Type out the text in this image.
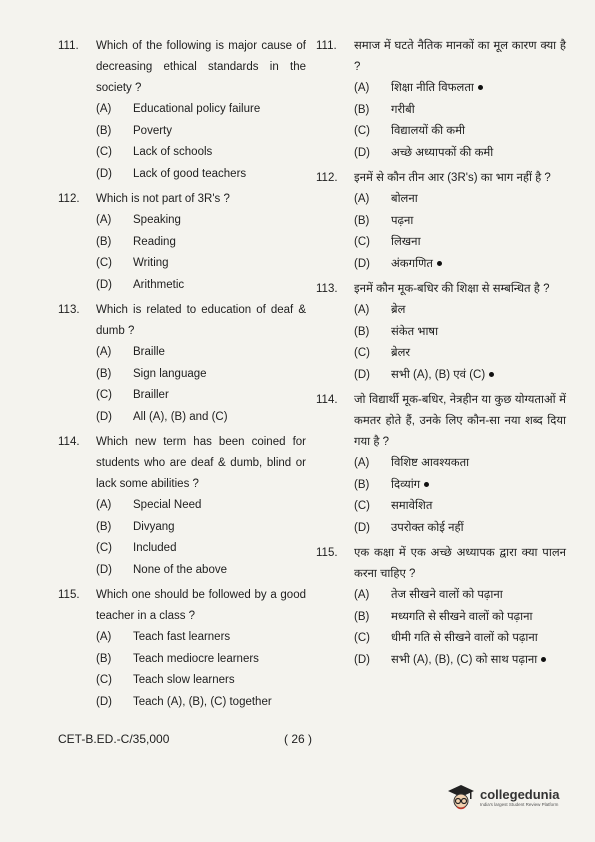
111.	Which of the following is major cause of decreasing ethical standards in the society ?
(A)	Educational policy failure
(B)	Poverty
(C)	Lack of schools
(D)	Lack of good teachers
112.	Which is not part of 3R's ?
(A)	Speaking
(B)	Reading
(C)	Writing
(D)	Arithmetic
113.	Which is related to education of deaf & dumb ?
(A)	Braille
(B)	Sign language
(C)	Brailler
(D)	All (A), (B) and (C)
114.	Which new term has been coined for students who are deaf & dumb, blind or lack some abilities ?
(A)	Special Need
(B)	Divyang
(C)	Included
(D)	None of the above
115.	Which one should be followed by a good teacher in a class ?
(A)	Teach fast learners
(B)	Teach mediocre learners
(C)	Teach slow learners
(D)	Teach (A), (B), (C) together
111.	समाज में घटते नैतिक मानकों का मूल कारण क्या है ?
(A)	शिक्षा नीति विफलता
(B)	गरीबी
(C)	विद्यालयों की कमी
(D)	अच्छे अध्यापकों की कमी
112.	इनमें से कौन तीन आर (3R's) का भाग नहीं है ?
(A)	बोलना
(B)	पढ़ना
(C)	लिखना
(D)	अंकगणित
113.	इनमें कौन मूक-बधिर की शिक्षा से सम्बन्धित है ?
(A)	ब्रेल
(B)	संकेत भाषा
(C)	ब्रेलर
(D)	सभी (A), (B) एवं (C)
114.	जो विद्यार्थी मूक-बधिर, नेत्रहीन या कुछ योग्यताओं में कमतर होते हैं, उनके लिए कौन-सा नया शब्द दिया गया है ?
(A)	विशिष्ट आवश्यकता
(B)	दिव्यांग
(C)	समावेशित
(D)	उपरोक्त कोई नहीं
115.	एक कक्षा में एक अच्छे अध्यापक द्वारा क्या पालन करना चाहिए ?
(A)	तेज सीखने वालों को पढ़ाना
(B)	मध्यगति से सीखने वालों को पढ़ाना
(C)	धीमी गति से सीखने वालों को पढ़ाना
(D)	सभी (A), (B), (C) को साथ पढ़ाना
CET-B.ED.-C/35,000	( 26 )
collegedunia
India's largest Student Review Platform
